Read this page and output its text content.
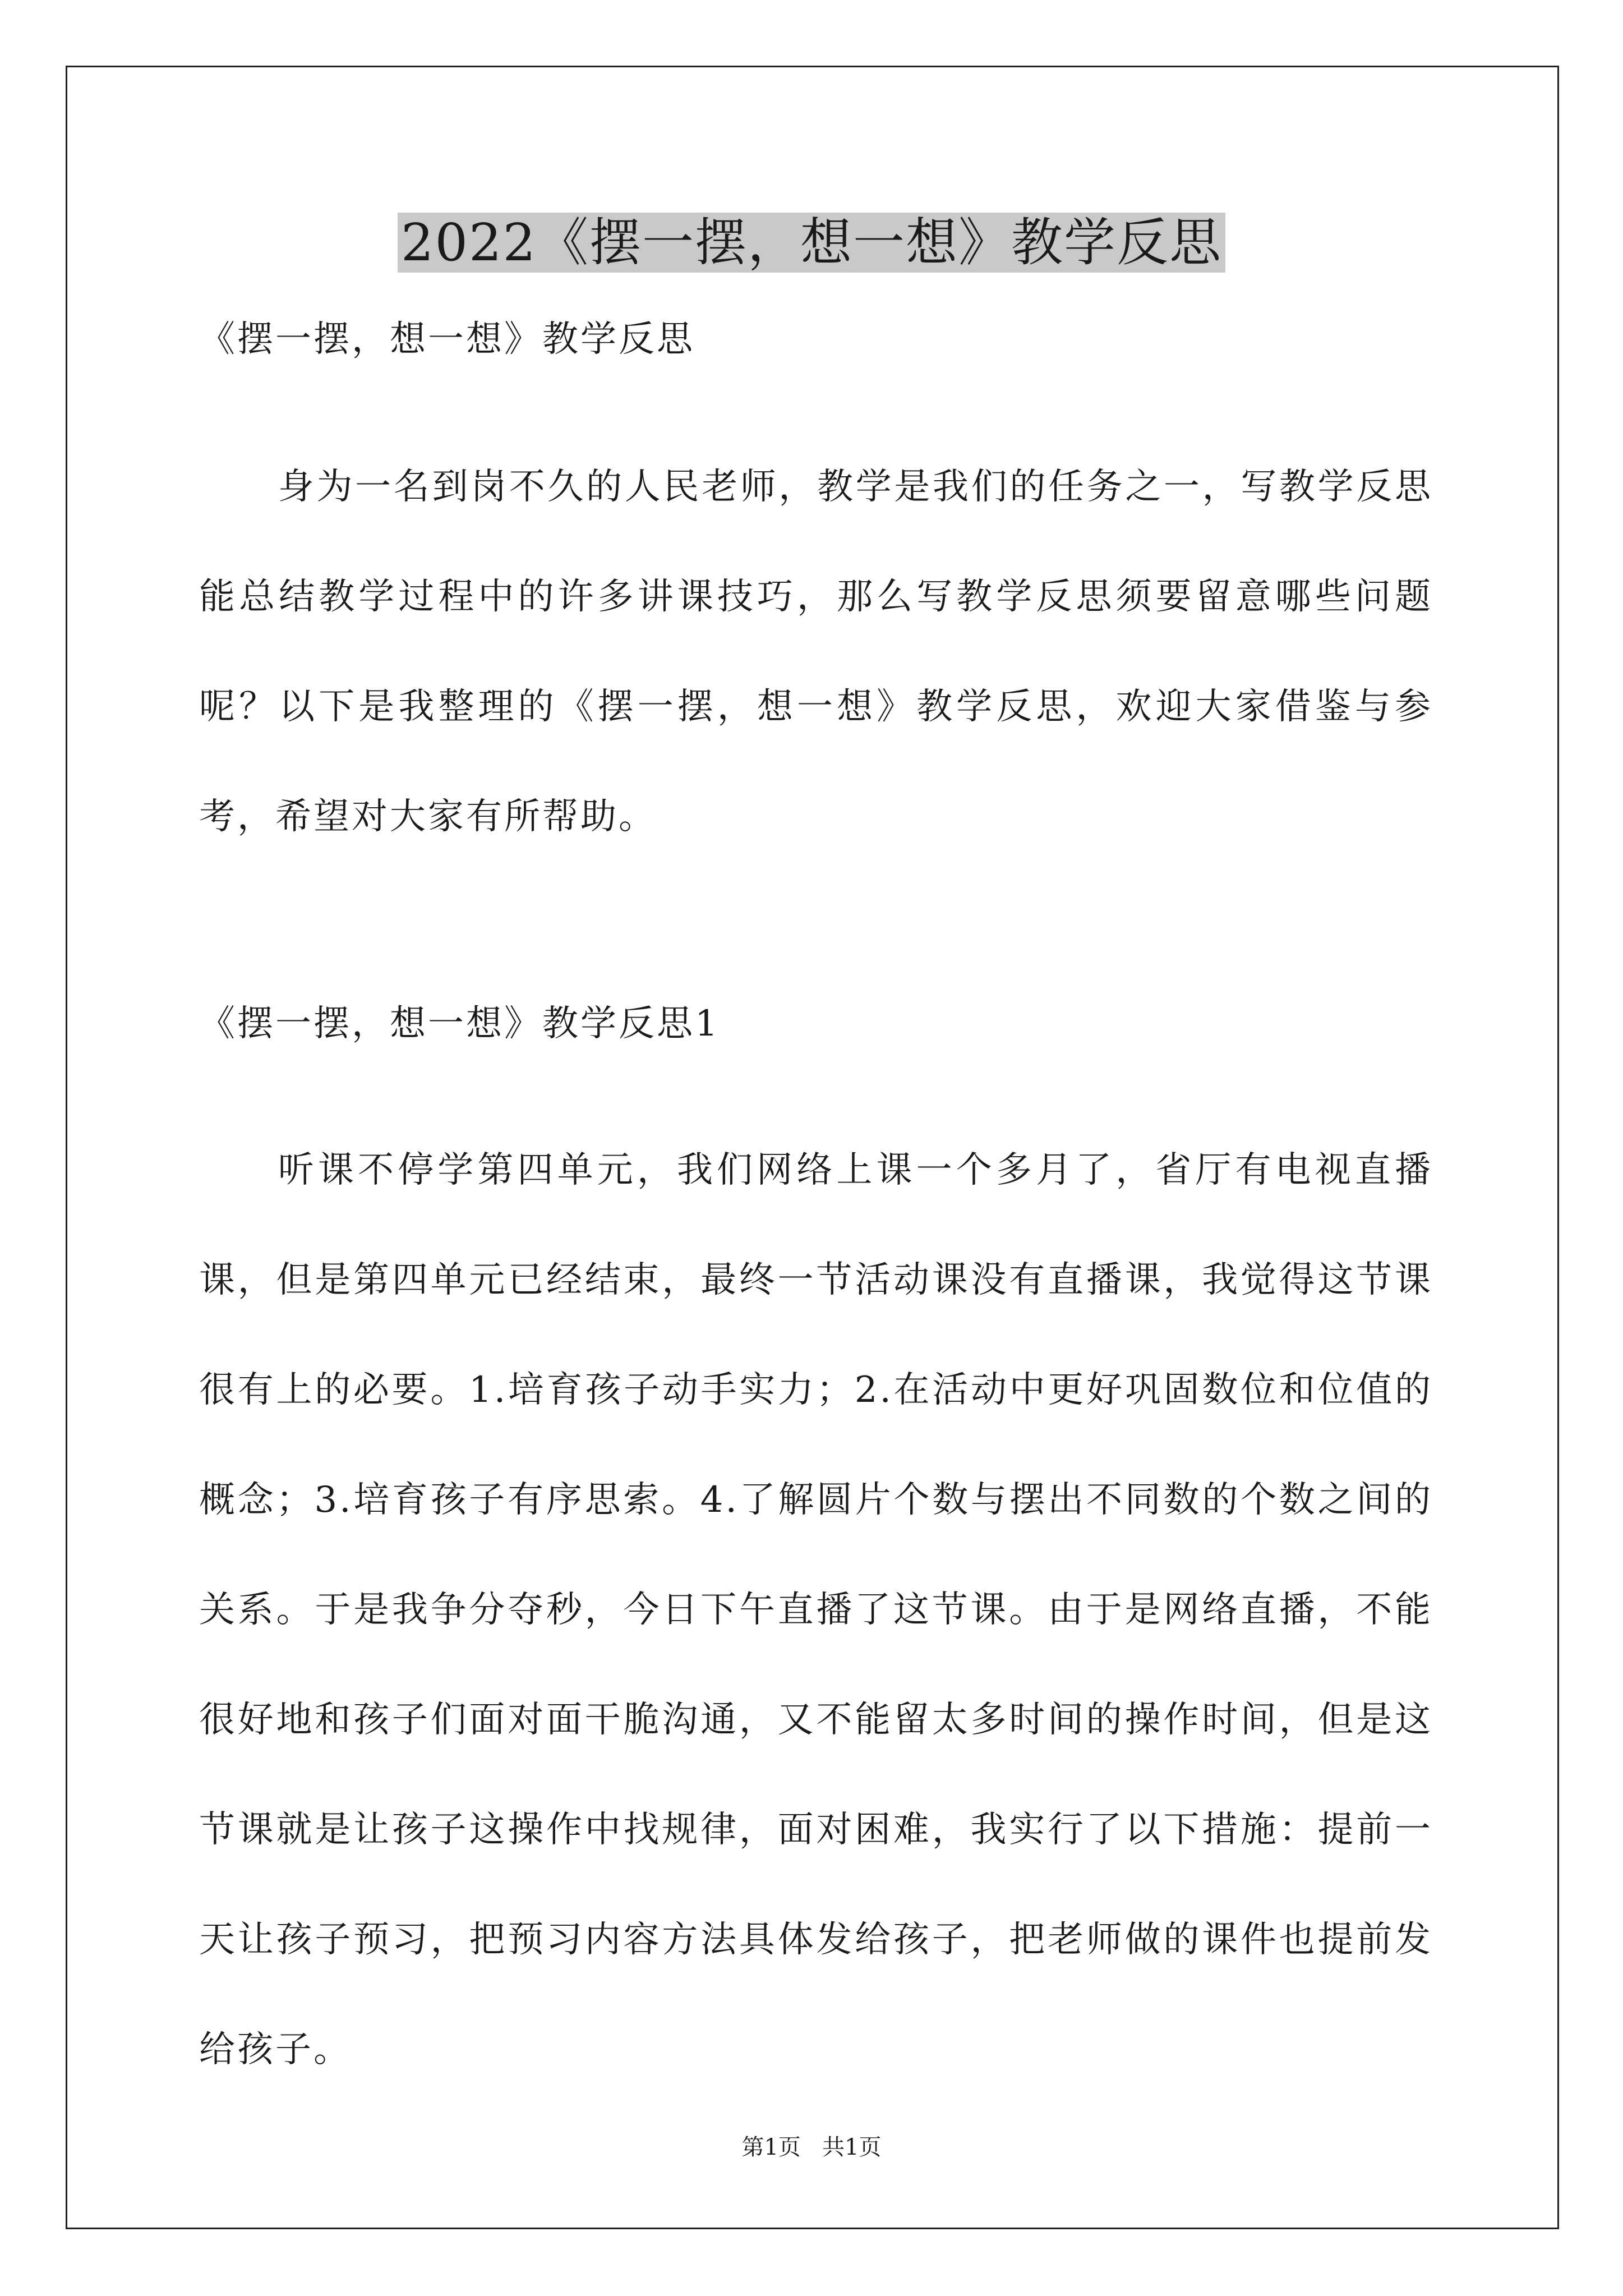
2022《摆一摆，想一想》教学反思
《摆一摆，想一想》教学反思

身为一名到岗不久的人民老师，教学是我们的任务之一，写教学反思能总结教学过程中的许多讲课技巧，那么写教学反思须要留意哪些问题呢？以下是我整理的《摆一摆，想一想》教学反思，欢迎大家借鉴与参考，希望对大家有所帮助。

《摆一摆，想一想》教学反思1

听课不停学第四单元，我们网络上课一个多月了，省厅有电视直播课，但是第四单元已经结束，最终一节活动课没有直播课，我觉得这节课很有上的必要。1.培育孩子动手实力；2.在活动中更好巩固数位和位值的概念；3.培育孩子有序思索。4.了解圆片个数与摆出不同数的个数之间的关系。于是我争分夺秒，今日下午直播了这节课。由于是网络直播，不能很好地和孩子们面对面干脆沟通，又不能留太多时间的操作时间，但是这节课就是让孩子这操作中找规律，面对困难，我实行了以下措施：提前一天让孩子预习，把预习内容方法具体发给孩子，把老师做的课件也提前发给孩子。

第1页   共1页
